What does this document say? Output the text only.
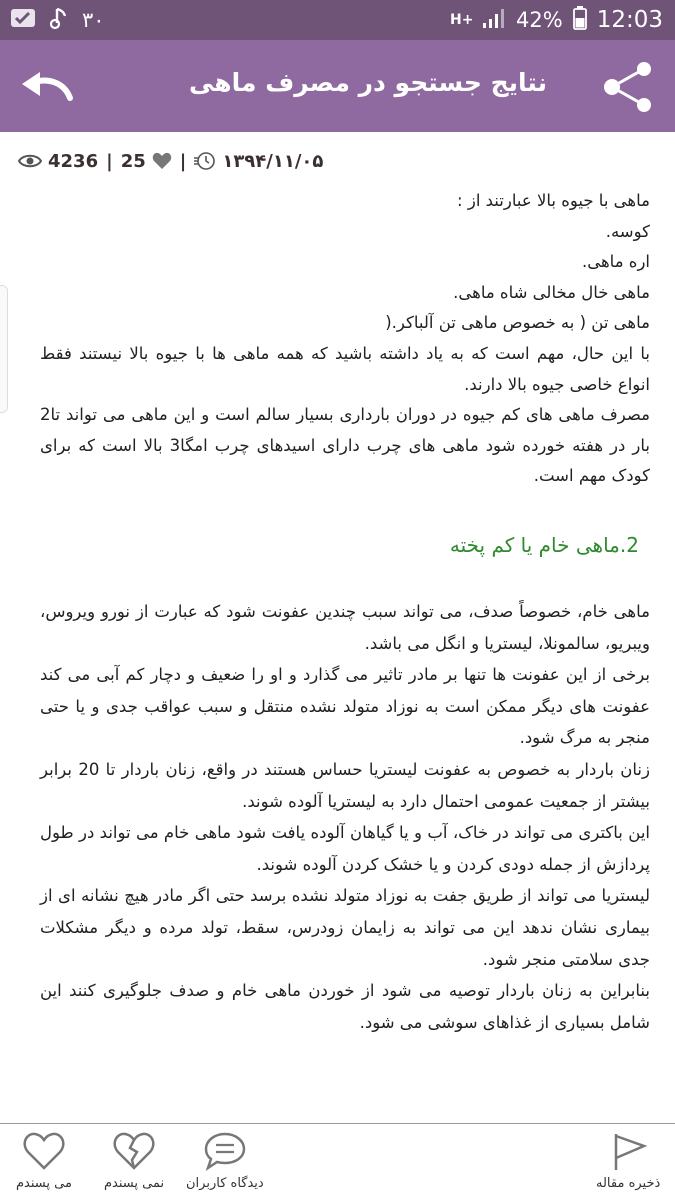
۳۰	H+ 42% 12:03
نتایج جستجو در مصرف ماهی
4236 | 25 | ۱۳۹۴/۱۱/۰۵

ماهی با جیوه بالا عبارتند از :

کوسه.

اره ماهی.

ماهی خال مخالی شاه ماهی.

ماهی تن ( به خصوص ماهی تن آلباکر.(

با این حال، مهم است که به یاد داشته باشید که همه ماهی ها با جیوه بالا نیستند فقط انواع خاصی جیوه بالا دارند.

مصرف ماهی های کم جیوه در دوران بارداری بسیار سالم است و این ماهی می تواند تا2 بار در هفته خورده شود ماهی های چرب دارای اسیدهای چرب امگا3 بالا است که برای کودک مهم است.

2.ماهی خام یا کم پخته

ماهی خام، خصوصاً صدف، می تواند سبب چندین عفونت شود که عبارت از نورو ویروس، ویبریو، سالمونلا، لیستریا و انگل می باشد.

برخی از این عفونت ها تنها بر مادر تاثیر می گذارد و او را ضعیف و دچار کم آبی می کند عفونت های دیگر ممکن است به نوزاد متولد نشده منتقل و سبب عواقب جدی و یا حتی منجر به مرگ شود.

زنان باردار به خصوص به عفونت لیستریا حساس هستند در واقع، زنان باردار تا 20 برابر بیشتر از جمعیت عمومی احتمال دارد به لیستریا آلوده شوند.

این باکتری می تواند در خاک، آب و یا گیاهان آلوده یافت شود ماهی خام می تواند در طول پردازش از جمله دودی کردن و یا خشک کردن آلوده شوند.

لیستریا می تواند از طریق جفت به نوزاد متولد نشده برسد حتی اگر مادر هیچ نشانه ای از بیماری نشان ندهد این می تواند به زایمان زودرس، سقط، تولد مرده و دیگر مشکلات جدی سلامتی منجر شود.

بنابراین به زنان باردار توصیه می شود از خوردن ماهی خام و صدف جلوگیری کنند این شامل بسیاری از غذاهای سوشی می شود.

می پسندم نمی پسندم دیدگاه کاربران	ذخیره مقاله
